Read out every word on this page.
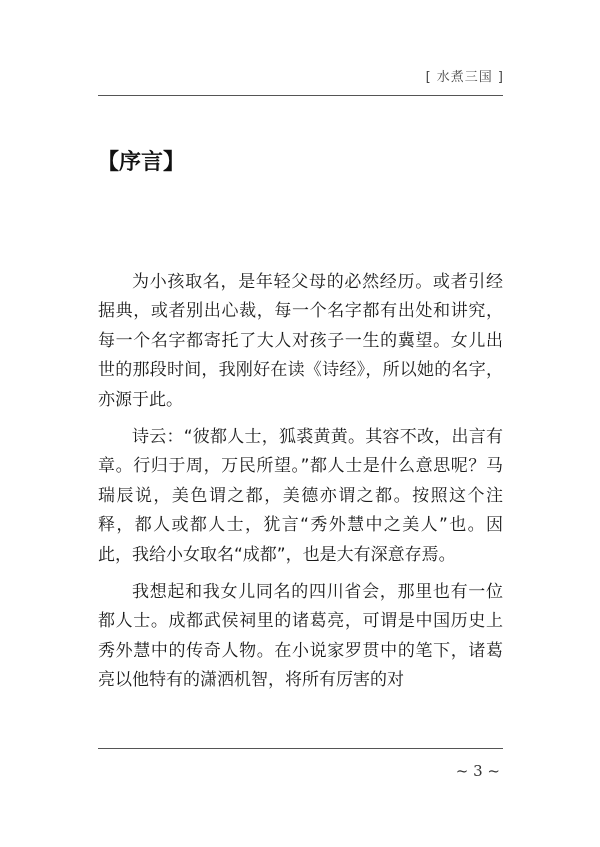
[ 水煮三国 ]
【序言】

为小孩取名，是年轻父母的必然经历。或者引经据典，或者别出心裁，每一个名字都有出处和讲究，每一个名字都寄托了大人对孩子一生的冀望。女儿出世的那段时间，我刚好在读《诗经》，所以她的名字，亦源于此。

诗云：“彼都人士，狐裘黄黄。其容不改，出言有章。行归于周，万民所望。”都人士是什么意思呢？马瑞辰说，美色谓之都，美德亦谓之都。按照这个注释，都人或都人士，犹言“秀外慧中之美人”也。因此，我给小女取名“成都”，也是大有深意存焉。

我想起和我女儿同名的四川省会，那里也有一位都人士。成都武侯祠里的诸葛亮，可谓是中国历史上秀外慧中的传奇人物。在小说家罗贯中的笔下，诸葛亮以他特有的潇洒机智，将所有厉害的对

~ 3 ~
